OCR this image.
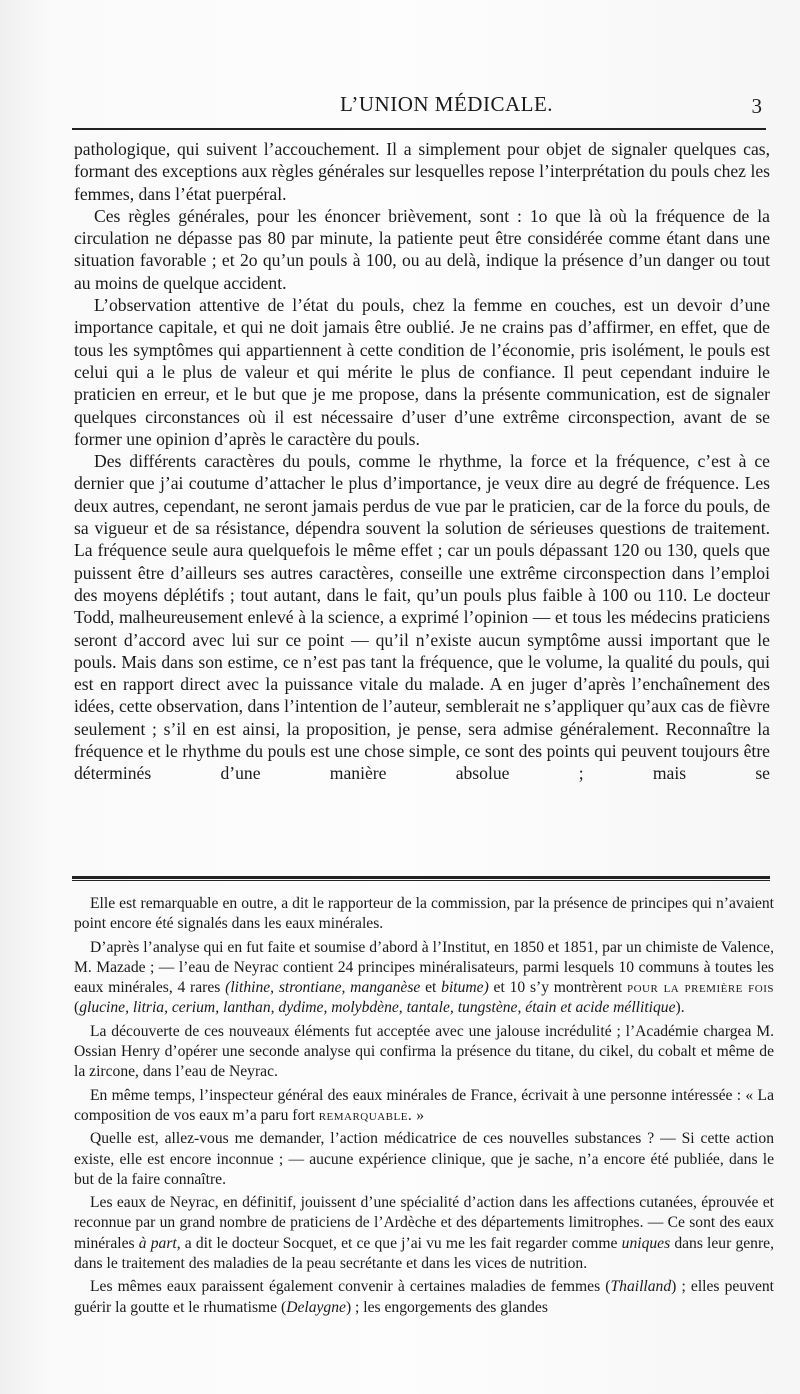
L’UNION MÉDICALE.	3

pathologique, qui suivent l’accouchement. Il a simplement pour objet de signaler quelques cas, formant des exceptions aux règles générales sur lesquelles repose l’interprétation du pouls chez les femmes, dans l’état puerpéral.

Ces règles générales, pour les énoncer brièvement, sont : 1o que là où la fréquence de la circulation ne dépasse pas 80 par minute, la patiente peut être considérée comme étant dans une situation favorable ; et 2o qu’un pouls à 100, ou au delà, indique la présence d’un danger ou tout au moins de quelque accident.

L’observation attentive de l’état du pouls, chez la femme en couches, est un devoir d’une importance capitale, et qui ne doit jamais être oublié. Je ne crains pas d’affirmer, en effet, que de tous les symptômes qui appartiennent à cette condition de l’économie, pris isolément, le pouls est celui qui a le plus de valeur et qui mérite le plus de confiance. Il peut cependant induire le praticien en erreur, et le but que je me propose, dans la présente communication, est de signaler quelques circonstances où il est nécessaire d’user d’une extrême circonspection, avant de se former une opinion d’après le caractère du pouls.

Des différents caractères du pouls, comme le rhythme, la force et la fréquence, c’est à ce dernier que j’ai coutume d’attacher le plus d’importance, je veux dire au degré de fréquence. Les deux autres, cependant, ne seront jamais perdus de vue par le praticien, car de la force du pouls, de sa vigueur et de sa résistance, dépendra souvent la solution de sérieuses questions de traitement. La fréquence seule aura quelquefois le même effet ; car un pouls dépassant 120 ou 130, quels que puissent être d’ailleurs ses autres caractères, conseille une extrême circonspection dans l’emploi des moyens déplétifs ; tout autant, dans le fait, qu’un pouls plus faible à 100 ou 110. Le docteur Todd, malheureusement enlevé à la science, a exprimé l’opinion — et tous les médecins praticiens seront d’accord avec lui sur ce point — qu’il n’existe aucun symptôme aussi important que le pouls. Mais dans son estime, ce n’est pas tant la fréquence, que le volume, la qualité du pouls, qui est en rapport direct avec la puissance vitale du malade. A en juger d’après l’enchaînement des idées, cette observation, dans l’intention de l’auteur, semblerait ne s’appliquer qu’aux cas de fièvre seulement ; s’il en est ainsi, la proposition, je pense, sera admise généralement. Reconnaître la fréquence et le rhythme du pouls est une chose simple, ce sont des points qui peuvent toujours être déterminés d’une manière absolue ; mais se

Elle est remarquable en outre, a dit le rapporteur de la commission, par la présence de principes qui n’avaient point encore été signalés dans les eaux minérales.

D’après l’analyse qui en fut faite et soumise d’abord à l’Institut, en 1850 et 1851, par un chimiste de Valence, M. Mazade ; — l’eau de Neyrac contient 24 principes minéralisateurs, parmi lesquels 10 communs à toutes les eaux minérales, 4 rares (lithine, strontiane, manganèse et bitume) et 10 s’y montrèrent pour la première fois (glucine, litria, cerium, lanthan, dydime, molybdène, tantale, tungstène, étain et acide méllitique).

La découverte de ces nouveaux éléments fut acceptée avec une jalouse incrédulité ; l’Académie chargea M. Ossian Henry d’opérer une seconde analyse qui confirma la présence du titane, du cikel, du cobalt et même de la zircone, dans l’eau de Neyrac.

En même temps, l’inspecteur général des eaux minérales de France, écrivait à une personne intéressée : « La composition de vos eaux m’a paru fort remarquable. »

Quelle est, allez-vous me demander, l’action médicatrice de ces nouvelles substances ? — Si cette action existe, elle est encore inconnue ; — aucune expérience clinique, que je sache, n’a encore été publiée, dans le but de la faire connaître.

Les eaux de Neyrac, en définitif, jouissent d’une spécialité d’action dans les affections cutanées, éprouvée et reconnue par un grand nombre de praticiens de l’Ardèche et des départements limitrophes. — Ce sont des eaux minérales à part, a dit le docteur Socquet, et ce que j’ai vu me les fait regarder comme uniques dans leur genre, dans le traitement des maladies de la peau secrétante et dans les vices de nutrition.

Les mêmes eaux paraissent également convenir à certaines maladies de femmes (Thailland) ; elles peuvent guérir la goutte et le rhumatisme (Delaygne) ; les engorgements des glandes
